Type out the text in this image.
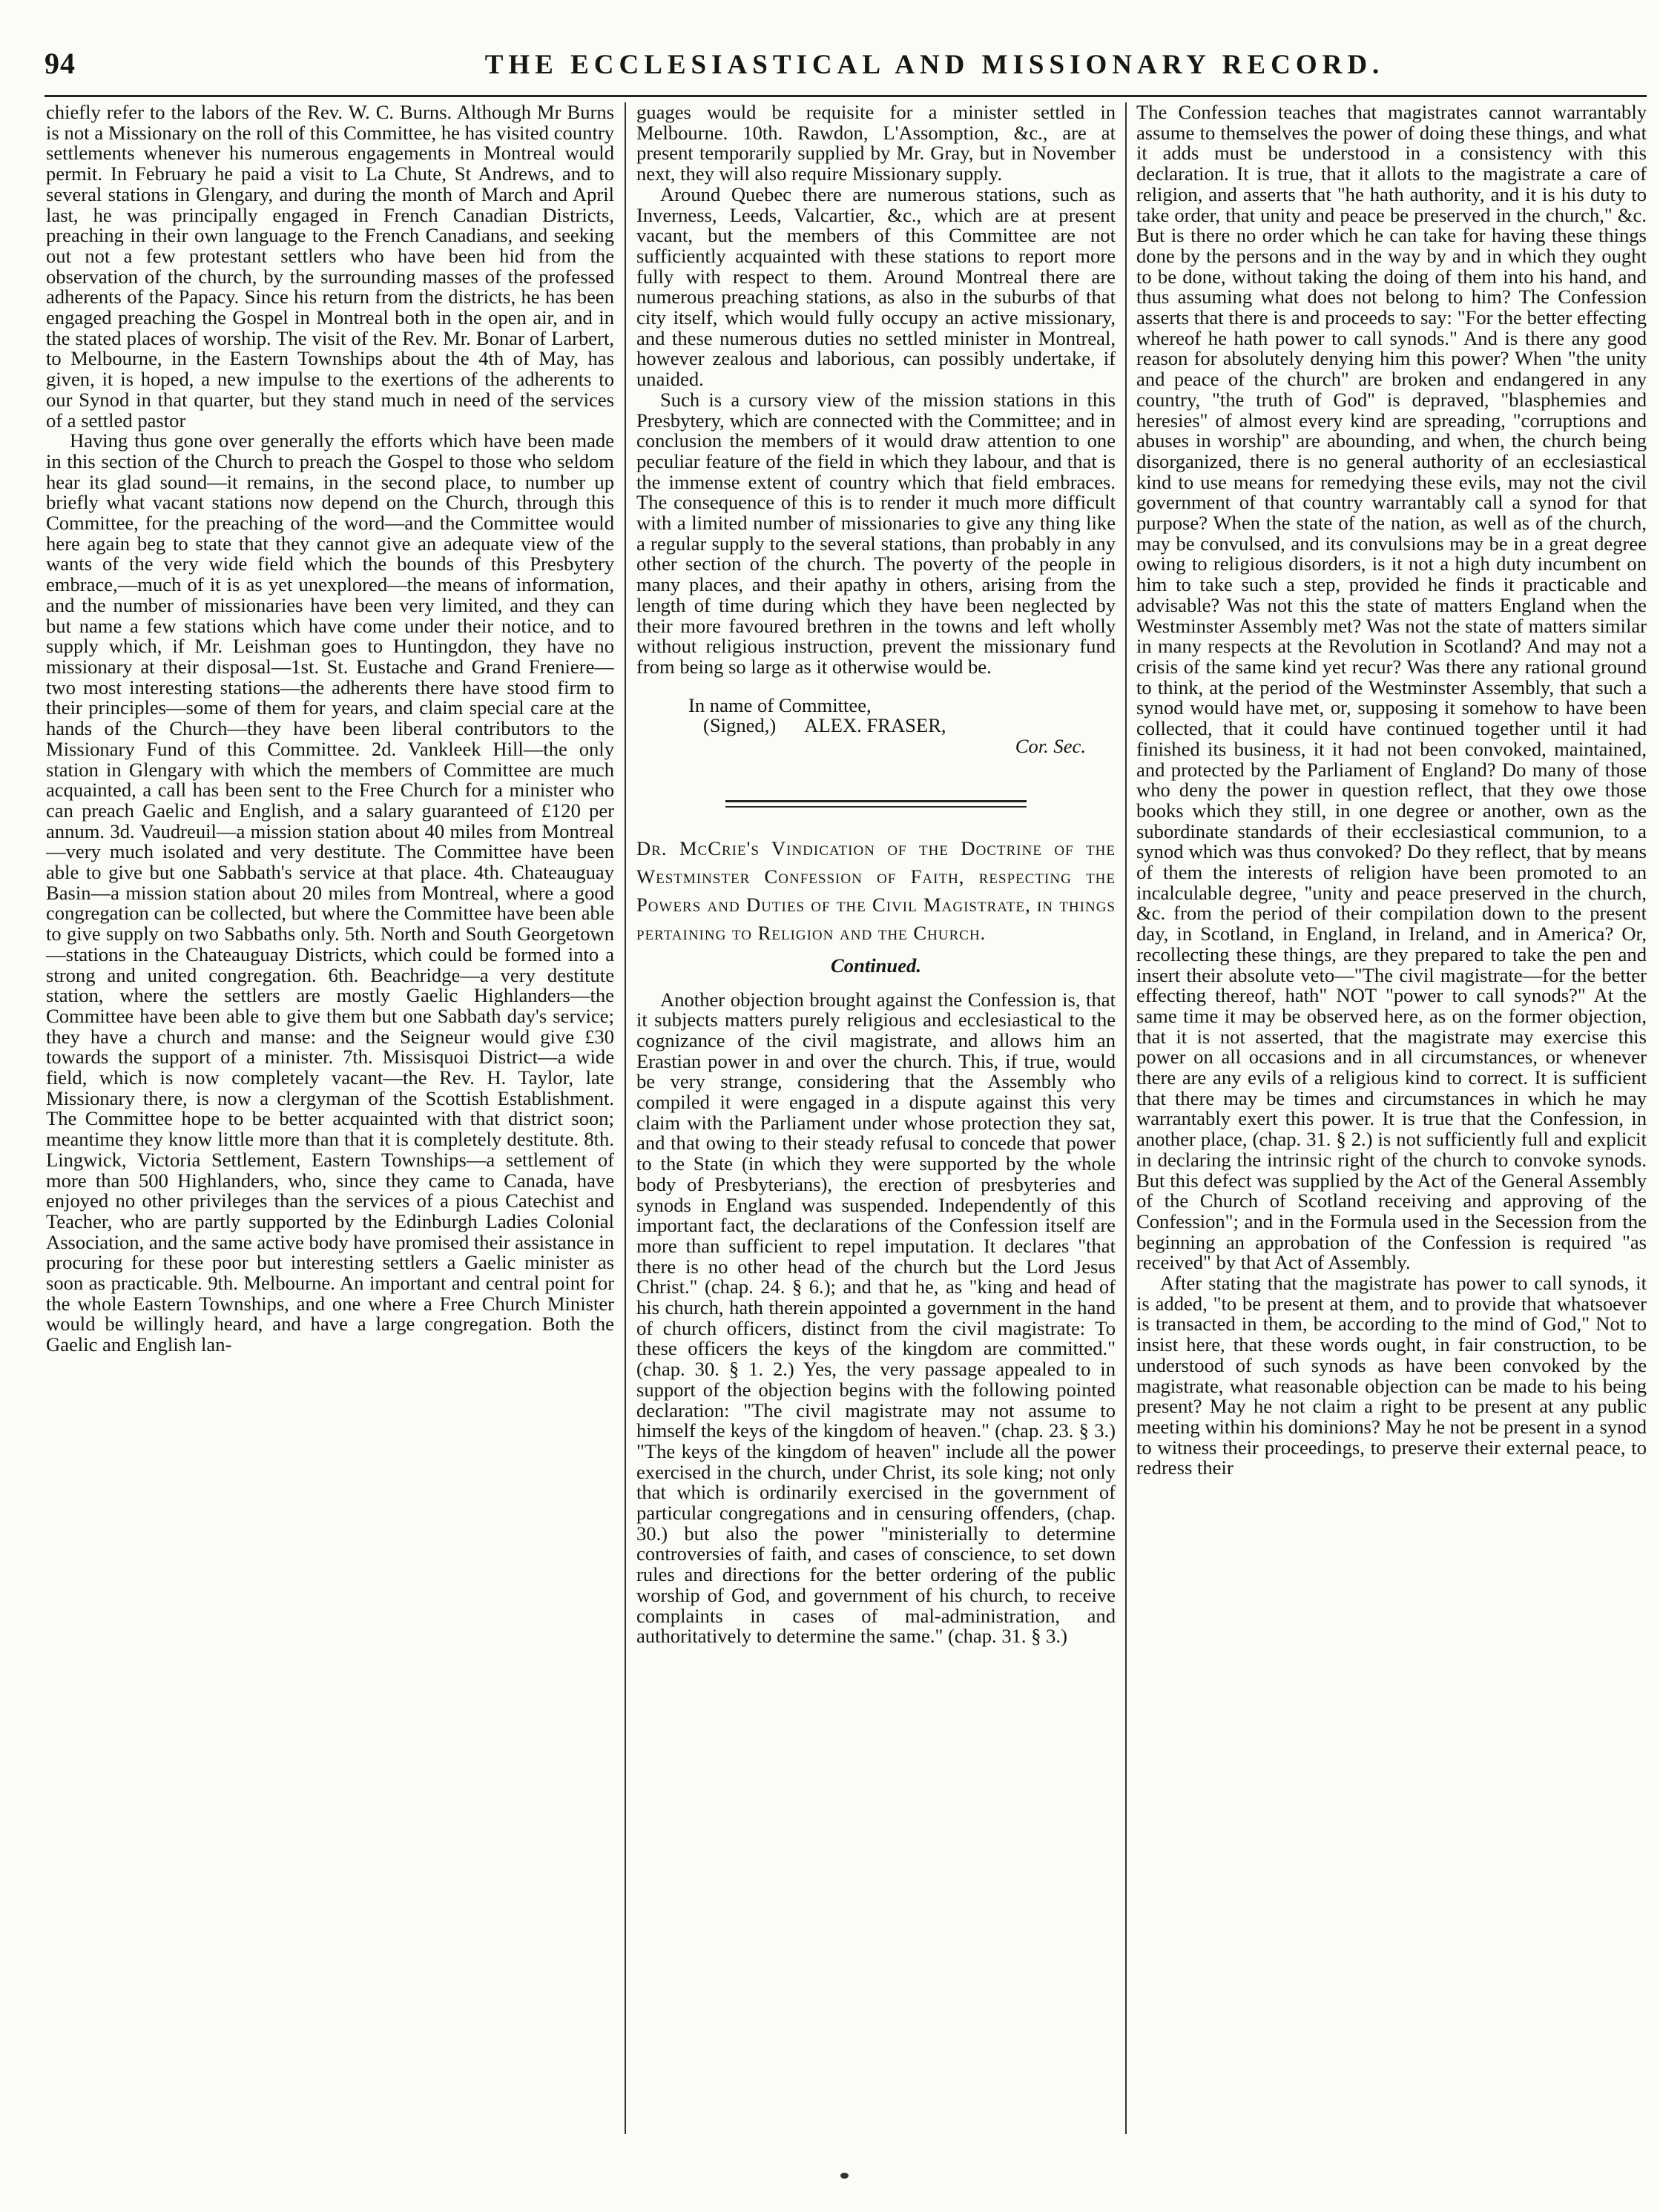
94	THE ECCLESIASTICAL AND MISSIONARY RECORD.

chiefly refer to the labors of the Rev. W. C. Burns. Although Mr Burns is not a Missionary on the roll of this Committee, he has visited country settlements whenever his numerous engagements in Montreal would permit. In February he paid a visit to La Chute, St Andrews, and to several stations in Glengary, and during the month of March and April last, he was principally engaged in French Canadian Districts, preaching in their own language to the French Canadians, and seeking out not a few protestant settlers who have been hid from the observation of the church, by the surrounding masses of the professed adherents of the Papacy. Since his return from the districts, he has been engaged preaching the Gospel in Montreal both in the open air, and in the stated places of worship. The visit of the Rev. Mr. Bonar of Larbert, to Melbourne, in the Eastern Townships about the 4th of May, has given, it is hoped, a new impulse to the exertions of the adherents to our Synod in that quarter, but they stand much in need of the services of a settled pastor

Having thus gone over generally the efforts which have been made in this section of the Church to preach the Gospel to those who seldom hear its glad sound—it remains, in the second place, to number up briefly what vacant stations now depend on the Church, through this Committee, for the preaching of the word—and the Committee would here again beg to state that they cannot give an adequate view of the wants of the very wide field which the bounds of this Presbytery embrace,—much of it is as yet unexplored—the means of information, and the number of missionaries have been very limited, and they can but name a few stations which have come under their notice, and to supply which, if Mr. Leishman goes to Huntingdon, they have no missionary at their disposal—1st. St. Eustache and Grand Freniere—two most interesting stations—the adherents there have stood firm to their principles—some of them for years, and claim special care at the hands of the Church—they have been liberal contributors to the Missionary Fund of this Committee. 2d. Vankleek Hill—the only station in Glengary with which the members of Committee are much acquainted, a call has been sent to the Free Church for a minister who can preach Gaelic and English, and a salary guaranteed of £120 per annum. 3d. Vaudreuil—a mission station about 40 miles from Montreal—very much isolated and very destitute. The Committee have been able to give but one Sabbath's service at that place. 4th. Chateauguay Basin—a mission station about 20 miles from Montreal, where a good congregation can be collected, but where the Committee have been able to give supply on two Sabbaths only. 5th. North and South Georgetown—stations in the Chateauguay Districts, which could be formed into a strong and united congregation. 6th. Beachridge—a very destitute station, where the settlers are mostly Gaelic Highlanders—the Committee have been able to give them but one Sabbath day's service; they have a church and manse: and the Seigneur would give £30 towards the support of a minister. 7th. Missisquoi District—a wide field, which is now completely vacant—the Rev. H. Taylor, late Missionary there, is now a clergyman of the Scottish Establishment. The Committee hope to be better acquainted with that district soon; meantime they know little more than that it is completely destitute. 8th. Lingwick, Victoria Settlement, Eastern Townships—a settlement of more than 500 Highlanders, who, since they came to Canada, have enjoyed no other privileges than the services of a pious Catechist and Teacher, who are partly supported by the Edinburgh Ladies Colonial Association, and the same active body have promised their assistance in procuring for these poor but interesting settlers a Gaelic minister as soon as practicable. 9th. Melbourne. An important and central point for the whole Eastern Townships, and one where a Free Church Minister would be willingly heard, and have a large congregation. Both the Gaelic and English lan-

guages would be requisite for a minister settled in Melbourne. 10th. Rawdon, L'Assomption, &c., are at present temporarily supplied by Mr. Gray, but in November next, they will also require Missionary supply.

Around Quebec there are numerous stations, such as Inverness, Leeds, Valcartier, &c., which are at present vacant, but the members of this Committee are not sufficiently acquainted with these stations to report more fully with respect to them. Around Montreal there are numerous preaching stations, as also in the suburbs of that city itself, which would fully occupy an active missionary, and these numerous duties no settled minister in Montreal, however zealous and laborious, can possibly undertake, if unaided.

Such is a cursory view of the mission stations in this Presbytery, which are connected with the Committee; and in conclusion the members of it would draw attention to one peculiar feature of the field in which they labour, and that is the immense extent of country which that field embraces. The consequence of this is to render it much more difficult with a limited number of missionaries to give any thing like a regular supply to the several stations, than probably in any other section of the church. The poverty of the people in many places, and their apathy in others, arising from the length of time during which they have been neglected by their more favoured brethren in the towns and left wholly without religious instruction, prevent the missionary fund from being so large as it otherwise would be.

In name of Committee,
(Signed,) ALEX. FRASER,
Cor. Sec.

Dr. McCrie's Vindication of the Doctrine of the Westminster Confession of Faith, respecting the Powers and Duties of the Civil Magistrate, in things pertaining to Religion and the Church.

Continued.

Another objection brought against the Confession is, that it subjects matters purely religious and ecclesiastical to the cognizance of the civil magistrate, and allows him an Erastian power in and over the church. This, if true, would be very strange, considering that the Assembly who compiled it were engaged in a dispute against this very claim with the Parliament under whose protection they sat, and that owing to their steady refusal to concede that power to the State (in which they were supported by the whole body of Presbyterians), the erection of presbyteries and synods in England was suspended. Independently of this important fact, the declarations of the Confession itself are more than sufficient to repel imputation. It declares "that there is no other head of the church but the Lord Jesus Christ." (chap. 24. § 6.); and that he, as "king and head of his church, hath therein appointed a government in the hand of church officers, distinct from the civil magistrate: To these officers the keys of the kingdom are committed." (chap. 30. § 1. 2.) Yes, the very passage appealed to in support of the objection begins with the following pointed declaration: "The civil magistrate may not assume to himself the keys of the kingdom of heaven." (chap. 23. § 3.) "The keys of the kingdom of heaven" include all the power exercised in the church, under Christ, its sole king; not only that which is ordinarily exercised in the government of particular congregations and in censuring offenders, (chap. 30.) but also the power "ministerially to determine controversies of faith, and cases of conscience, to set down rules and directions for the better ordering of the public worship of God, and government of his church, to receive complaints in cases of mal-administration, and authoritatively to determine the same." (chap. 31. § 3.)

The Confession teaches that magistrates cannot warrantably assume to themselves the power of doing these things, and what it adds must be understood in a consistency with this declaration. It is true, that it allots to the magistrate a care of religion, and asserts that "he hath authority, and it is his duty to take order, that unity and peace be preserved in the church," &c. But is there no order which he can take for having these things done by the persons and in the way by and in which they ought to be done, without taking the doing of them into his hand, and thus assuming what does not belong to him? The Confession asserts that there is and proceeds to say: "For the better effecting whereof he hath power to call synods." And is there any good reason for absolutely denying him this power? When "the unity and peace of the church" are broken and endangered in any country, "the truth of God" is depraved, "blasphemies and heresies" of almost every kind are spreading, "corruptions and abuses in worship" are abounding, and when, the church being disorganized, there is no general authority of an ecclesiastical kind to use means for remedying these evils, may not the civil government of that country warrantably call a synod for that purpose? When the state of the nation, as well as of the church, may be convulsed, and its convulsions may be in a great degree owing to religious disorders, is it not a high duty incumbent on him to take such a step, provided he finds it practicable and advisable? Was not this the state of matters England when the Westminster Assembly met? Was not the state of matters similar in many respects at the Revolution in Scotland? And may not a crisis of the same kind yet recur? Was there any rational ground to think, at the period of the Westminster Assembly, that such a synod would have met, or, supposing it somehow to have been collected, that it could have continued together until it had finished its business, it it had not been convoked, maintained, and protected by the Parliament of England? Do many of those who deny the power in question reflect, that they owe those books which they still, in one degree or another, own as the subordinate standards of their ecclesiastical communion, to a synod which was thus convoked? Do they reflect, that by means of them the interests of religion have been promoted to an incalculable degree, "unity and peace preserved in the church, &c. from the period of their compilation down to the present day, in Scotland, in England, in Ireland, and in America? Or, recollecting these things, are they prepared to take the pen and insert their absolute veto—"The civil magistrate—for the better effecting thereof, hath" NOT "power to call synods?" At the same time it may be observed here, as on the former objection, that it is not asserted, that the magistrate may exercise this power on all occasions and in all circumstances, or whenever there are any evils of a religious kind to correct. It is sufficient that there may be times and circumstances in which he may warrantably exert this power. It is true that the Confession, in another place, (chap. 31. § 2.) is not sufficiently full and explicit in declaring the intrinsic right of the church to convoke synods. But this defect was supplied by the Act of the General Assembly of the Church of Scotland receiving and approving of the Confession"; and in the Formula used in the Secession from the beginning an approbation of the Confession is required "as received" by that Act of Assembly.

After stating that the magistrate has power to call synods, it is added, "to be present at them, and to provide that whatsoever is transacted in them, be according to the mind of God," Not to insist here, that these words ought, in fair construction, to be understood of such synods as have been convoked by the magistrate, what reasonable objection can be made to his being present? May he not claim a right to be present at any public meeting within his dominions? May he not be present in a synod to witness their proceedings, to preserve their external peace, to redress their
